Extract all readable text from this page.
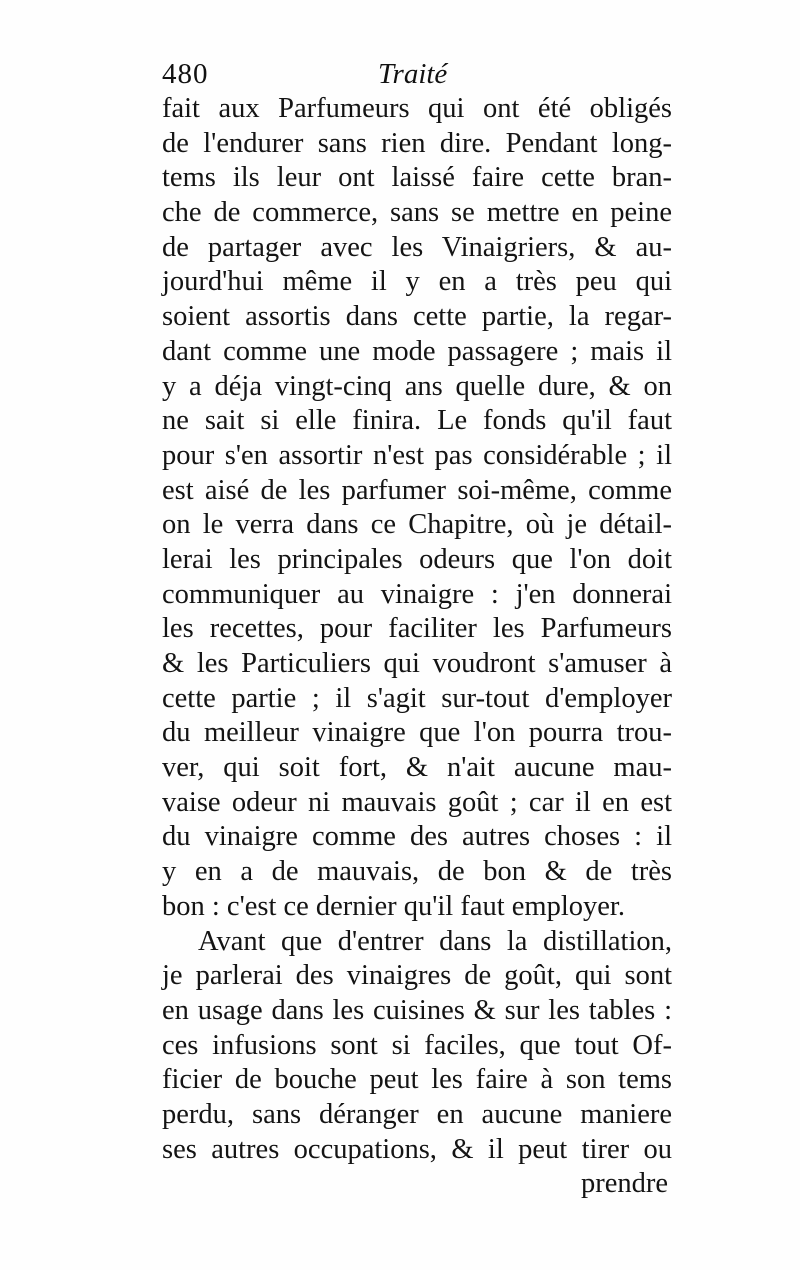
480	Traité
fait aux Parfumeurs qui ont été obligés
de l'endurer sans rien dire. Pendant long-
tems ils leur ont laissé faire cette bran-
che de commerce, sans se mettre en peine
de partager avec les Vinaigriers, & au-
jourd'hui même il y en a très peu qui
soient assortis dans cette partie, la regar-
dant comme une mode passagere ; mais il
y a déja vingt-cinq ans quelle dure, & on
ne sait si elle finira. Le fonds qu'il faut
pour s'en assortir n'est pas considérable ; il
est aisé de les parfumer soi-même, comme
on le verra dans ce Chapitre, où je détail-
lerai les principales odeurs que l'on doit
communiquer au vinaigre : j'en donnerai
les recettes, pour faciliter les Parfumeurs
& les Particuliers qui voudront s'amuser à
cette partie ; il s'agit sur-tout d'employer
du meilleur vinaigre que l'on pourra trou-
ver, qui soit fort, & n'ait aucune mau-
vaise odeur ni mauvais goût ; car il en est
du vinaigre comme des autres choses : il
y en a de mauvais, de bon & de très
bon : c'est ce dernier qu'il faut employer.
Avant que d'entrer dans la distillation,
je parlerai des vinaigres de goût, qui sont
en usage dans les cuisines & sur les tables :
ces infusions sont si faciles, que tout Of-
ficier de bouche peut les faire à son tems
perdu, sans déranger en aucune maniere
ses autres occupations, & il peut tirer ou
prendre
